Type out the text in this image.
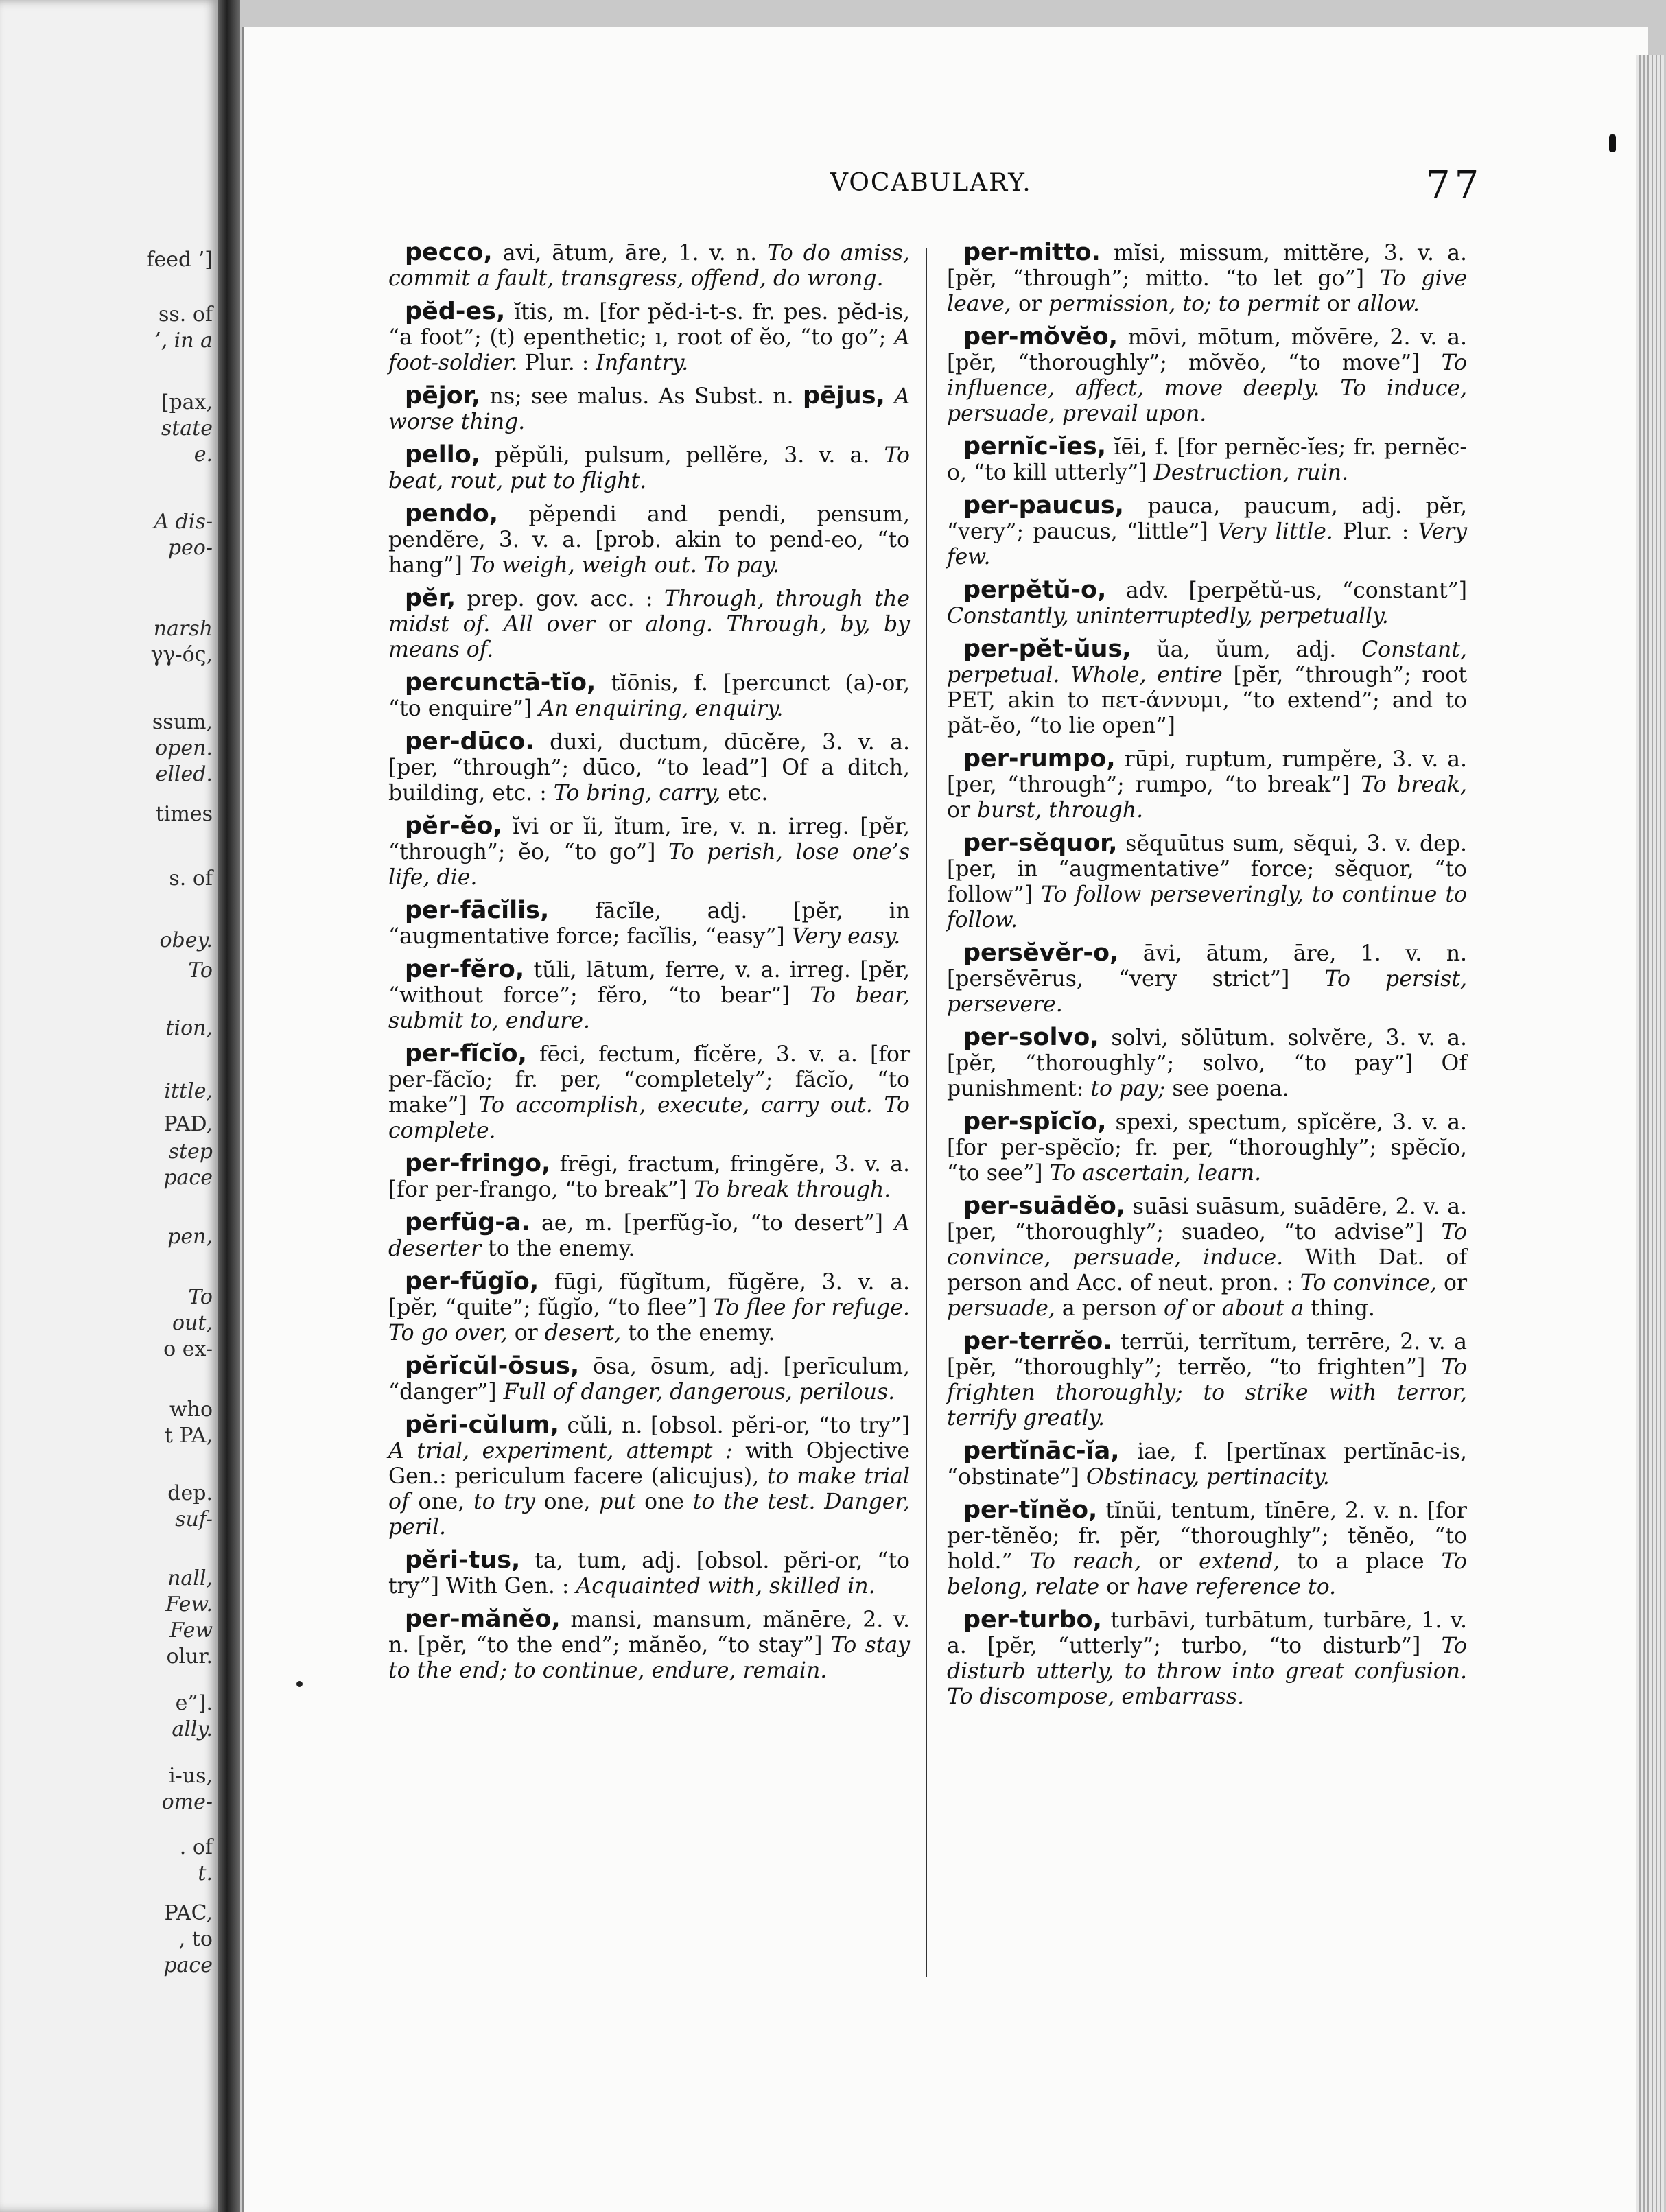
feed ’]
ss. of
’, in a
[pax,
state
e.
A dis-
peo-
narsh
γγ-ός,
ssum,
open.
elled.
times
s. of
obey.
To
tion,
ittle,
PAD,
step
pace
pen,
To
out,
o ex-
who
t PA,
dep.
suf-
nall,
Few.
Few
olur.
e”].
ally.
i-us,
ome-
. of
t.
PAC,
, to
pace
VOCABULARY.	77

pecco, avi, ātum, āre, 1. v. n. To do amiss, commit a fault, transgress, offend, do wrong.

pĕd-es, ĭtis, m. [for pĕd-i-t-s. fr. pes. pĕd-is, “a foot”; (t) epenthetic; ı, root of ĕo, “to go”; A foot-soldier. Plur. : Infantry.

pējor, ns; see malus. As Subst. n. pējus, A worse thing.

pello, pĕpŭli, pulsum, pellĕre, 3. v. a. To beat, rout, put to flight.

pendo, pĕpendi and pendi, pensum, pendĕre, 3. v. a. [prob. akin to pend-eo, “to hang”] To weigh, weigh out. To pay.

pĕr, prep. gov. acc. : Through, through the midst of. All over or along. Through, by, by means of.

percunctā-tĭo, tĭōnis, f. [percunct (a)-or, “to enquire”] An enquiring, enquiry.

per-dūco. duxi, ductum, dūcĕre, 3. v. a. [per, “through”; dūco, “to lead”] Of a ditch, building, etc. : To bring, carry, etc.

pĕr-ĕo, ĭvi or ĭi, ĭtum, īre, v. n. irreg. [pĕr, “through”; ĕo, “to go”] To perish, lose one’s life, die.

per-fācĭlis, fācĭle, adj. [pĕr, in “augmentative force; facĭlis, “easy”] Very easy.

per-fĕro, tŭli, lātum, ferre, v. a. irreg. [pĕr, “without force”; fĕro, “to bear”] To bear, submit to, endure.

per-fĭcĭo, fēci, fectum, fĭcĕre, 3. v. a. [for per-făcĭo; fr. per, “completely”; făcĭo, “to make”] To accomplish, execute, carry out. To complete.

per-fringo, frēgi, fractum, fringĕre, 3. v. a. [for per-frango, “to break”] To break through.

perfŭg-a. ae, m. [perfŭg-ĭo, “to desert”] A deserter to the enemy.

per-fŭgĭo, fūgi, fŭgĭtum, fŭgĕre, 3. v. a. [pĕr, “quite”; fŭgĭo, “to flee”] To flee for refuge. To go over, or desert, to the enemy.

pĕrĭcŭl-ōsus, ōsa, ōsum, adj. [perīculum, “danger”] Full of danger, dangerous, perilous.

pĕri-cŭlum, cŭli, n. [obsol. pĕri-or, “to try”] A trial, experiment, attempt : with Objective Gen.: periculum facere (alicujus), to make trial of one, to try one, put one to the test. Danger, peril.

pĕri-tus, ta, tum, adj. [obsol. pĕri-or, “to try”] With Gen. : Acquainted with, skilled in.

per-mănĕo, mansi, mansum, mănēre, 2. v. n. [pĕr, “to the end”; mănĕo, “to stay”] To stay to the end; to continue, endure, remain.

per-mitto. mĭsi, missum, mittĕre, 3. v. a. [pĕr, “through”; mitto. “to let go”] To give leave, or permission, to; to permit or allow.

per-mŏvĕo, mōvi, mōtum, mŏvēre, 2. v. a. [pĕr, “thoroughly”; mŏvĕo, “to move”] To influence, affect, move deeply. To induce, persuade, prevail upon.

pernĭc-ĭes, ĭēi, f. [for pernĕc-ĭes; fr. pernĕc-o, “to kill utterly”] Destruction, ruin.

per-paucus, pauca, paucum, adj. pĕr, “very”; paucus, “little”] Very little. Plur. : Very few.

perpĕtŭ-o, adv. [perpĕtŭ-us, “constant”] Constantly, uninterruptedly, perpetually.

per-pĕt-ŭus, ŭa, ŭum, adj. Constant, perpetual. Whole, entire [pĕr, “through”; root PET, akin to πετ-άννυμι, “to extend”; and to păt-ĕo, “to lie open”]

per-rumpo, rūpi, ruptum, rumpĕre, 3. v. a. [per, “through”; rumpo, “to break”] To break, or burst, through.

per-sĕquor, sĕquūtus sum, sĕqui, 3. v. dep. [per, in “augmentative” force; sĕquor, “to follow”] To follow perseveringly, to continue to follow.

persĕvĕr-o, āvi, ātum, āre, 1. v. n. [persĕvērus, “very strict”] To persist, persevere.

per-solvo, solvi, sŏlūtum. solvĕre, 3. v. a. [pĕr, “thoroughly”; solvo, “to pay”] Of punishment: to pay; see poena.

per-spĭcĭo, spexi, spectum, spĭcĕre, 3. v. a. [for per-spĕcĭo; fr. per, “thoroughly”; spĕcĭo, “to see”] To ascertain, learn.

per-suādĕo, suāsi suāsum, suādēre, 2. v. a. [per, “thoroughly”; suadeo, “to advise”] To convince, persuade, induce. With Dat. of person and Acc. of neut. pron. : To convince, or persuade, a person of or about a thing.

per-terrĕo. terrŭi, terrĭtum, terrēre, 2. v. a [pĕr, “thoroughly”; terrĕo, “to frighten”] To frighten thoroughly; to strike with terror, terrify greatly.

pertĭnāc-ĭa, iae, f. [pertĭnax pertĭnāc-is, “obstinate”] Obstinacy, pertinacity.

per-tĭnĕo, tĭnŭi, tentum, tĭnēre, 2. v. n. [for per-tĕnĕo; fr. pĕr, “thoroughly”; tĕnĕo, “to hold.” To reach, or extend, to a place To belong, relate or have reference to.

per-turbo, turbāvi, turbātum, turbāre, 1. v. a. [pĕr, “utterly”; turbo, “to disturb”] To disturb utterly, to throw into great confusion. To discompose, embarrass.
